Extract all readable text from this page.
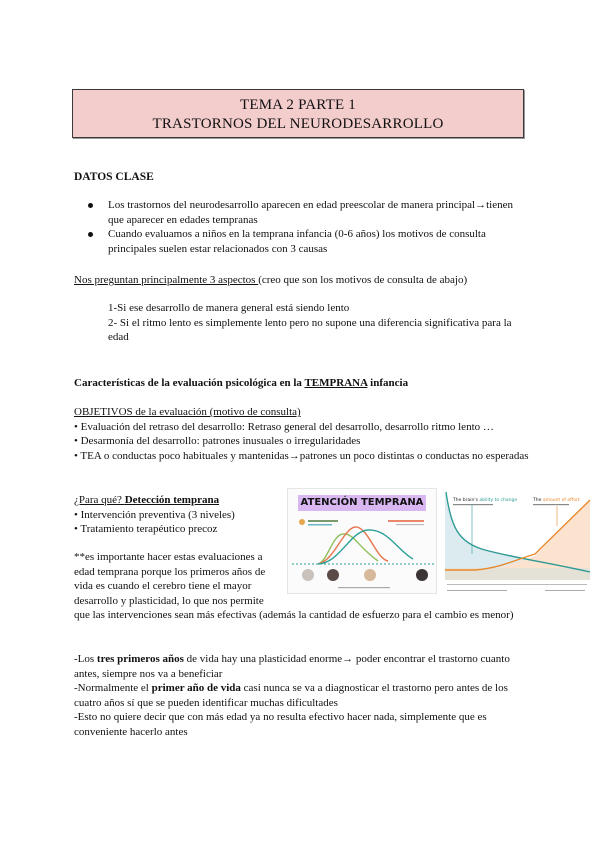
TEMA 2 PARTE 1
TRASTORNOS DEL NEURODESARROLLO
DATOS CLASE
Los trastornos del neurodesarrollo aparecen en edad preescolar de manera principal→tienen que aparecer en edades tempranas
Cuando evaluamos a niños en la temprana infancia (0-6 años) los motivos de consulta principales suelen estar relacionados con 3 causas
Nos preguntan principalmente 3 aspectos (creo que son los motivos de consulta de abajo)
1-Si ese desarrollo de manera general está siendo lento
2- Si el ritmo lento es simplemente lento pero no supone una diferencia significativa para la edad
Características de la evaluación psicológica en la TEMPRANA infancia
OBJETIVOS de la evaluación (motivo de consulta)
• Evaluación del retraso del desarrollo: Retraso general del desarrollo, desarrollo ritmo lento …
• Desarmonía del desarrollo: patrones inusuales o irregularidades
• TEA o conductas poco habituales y mantenidas→patrones un poco distintas o conductas no esperadas
¿Para qué? Detección temprana
• Intervención preventiva (3 niveles)
• Tratamiento terapéutico precoz
**es importante hacer estas evaluaciones a edad temprana porque los primeros años de vida es cuando el cerebro tiene el mayor desarrollo y plasticidad, lo que nos permite
que las intervenciones sean más efectivas (además la cantidad de esfuerzo para el cambio es menor)
-Los tres primeros años de vida hay una plasticidad enorme→ poder encontrar el trastorno cuanto antes, siempre nos va a beneficiar
-Normalmente el primer año de vida casi nunca se va a diagnosticar el trastorno pero antes de los cuatro años sí que se pueden identificar muchas dificultades
-Esto no quiere decir que con más edad ya no resulta efectivo hacer nada, simplemente que es conveniente hacerlo antes
ATENCIÓN TEMPRANA	The brain's ability to change	The amount of effort
